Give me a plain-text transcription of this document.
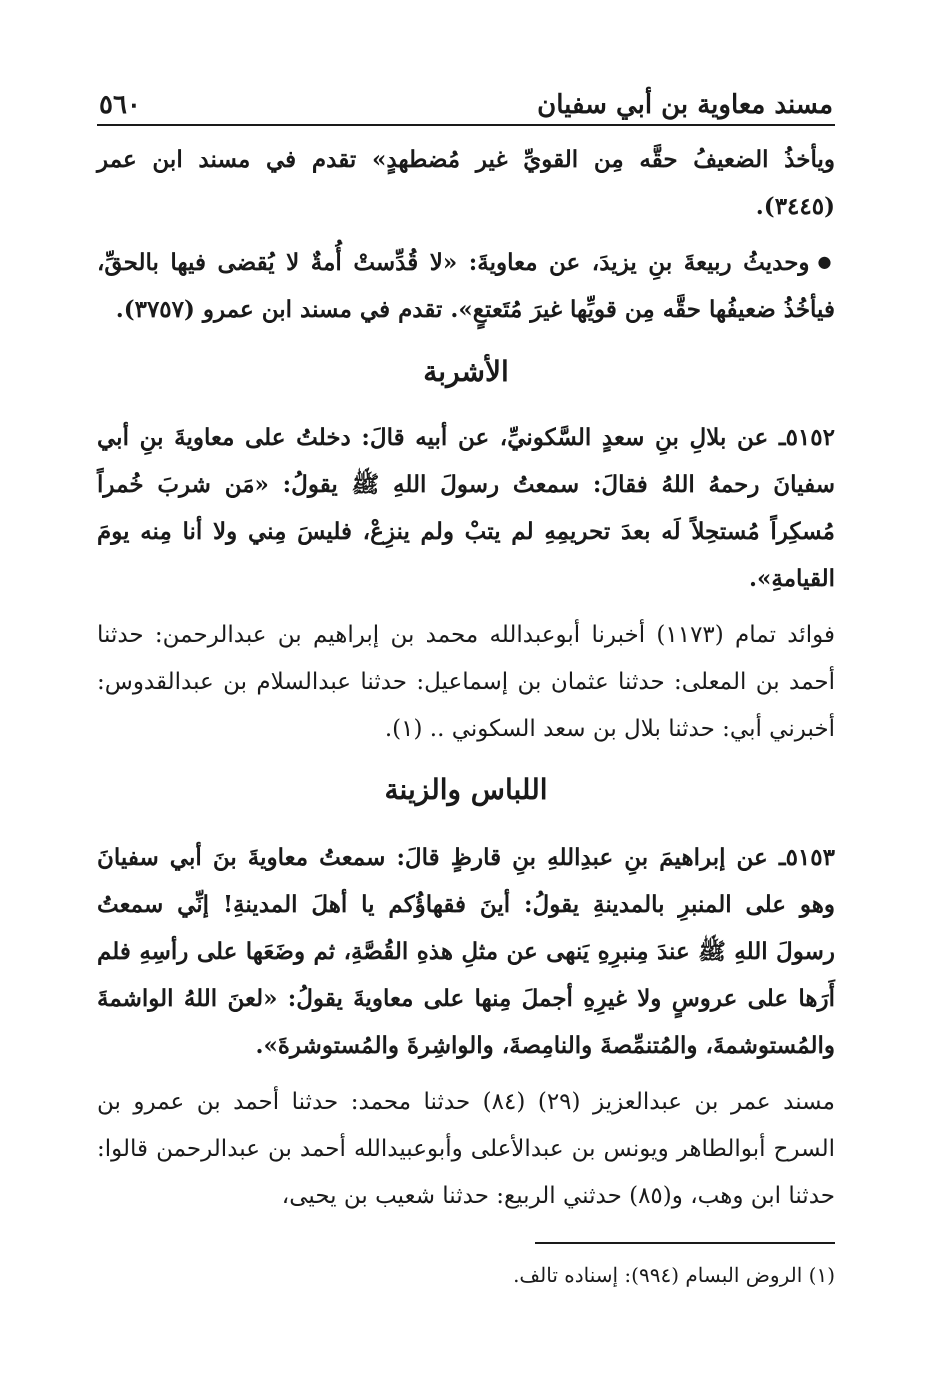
مسند معاوية بن أبي سفيان
٥٦٠

ويأخذُ الضعيفُ حقَّه مِن القويِّ غير مُضطهدٍ» تقدم في مسند ابن عمر (٣٤٤٥).

● وحديثُ ربيعةَ بنِ يزيدَ، عن معاويةَ: «لا قُدِّستْ أُمةٌ لا يُقضى فيها بالحقِّ، فيأخُذُ ضعيفُها حقَّه مِن قويِّها غيرَ مُتَعتعٍ». تقدم في مسند ابن عمرو (٣٧٥٧).

الأشربة

٥١٥٢ـ عن بلالِ بنِ سعدٍ السَّكونيِّ، عن أبيه قالَ: دخلتُ على معاويةَ بنِ أبي سفيانَ رحمهُ اللهُ فقالَ: سمعتُ رسولَ اللهِ ﷺ يقولُ: «مَن شربَ خُمراً مُسكِراً مُستحِلاً لَه بعدَ تحريمِهِ لم يتبْ ولم ينزِعْ، فليسَ مِني ولا أنا مِنه يومَ القيامةِ».

فوائد تمام (١١٧٣) أخبرنا أبوعبدالله محمد بن إبراهيم بن عبدالرحمن: حدثنا أحمد بن المعلى: حدثنا عثمان بن إسماعيل: حدثنا عبدالسلام بن عبدالقدوس: أخبرني أبي: حدثنا بلال بن سعد السكوني .. (١).

اللباس والزينة

٥١٥٣ـ عن إبراهيمَ بنِ عبدِاللهِ بنِ قارظٍ قالَ: سمعتُ معاويةَ بنَ أبي سفيانَ وهو على المنبرِ بالمدينةِ يقولُ: أينَ فقهاؤُكم يا أهلَ المدينةِ! إنِّي سمعتُ رسولَ اللهِ ﷺ عندَ مِنبرِهِ يَنهى عن مثلِ هذهِ القُصَّةِ، ثم وضَعَها على رأسِهِ فلم أَرَها على عروسٍ ولا غيرِهِ أجملَ مِنها على معاويةَ يقولُ: «لعنَ اللهُ الواشمةَ والمُستوشمةَ، والمُتنمِّصةَ والنامِصةَ، والواشِرةَ والمُستوشرةَ».

مسند عمر بن عبدالعزيز (٢٩) (٨٤) حدثنا محمد: حدثنا أحمد بن عمرو بن السرح أبوالطاهر ويونس بن عبدالأعلى وأبوعبيدالله أحمد بن عبدالرحمن قالوا: حدثنا ابن وهب، و(٨٥) حدثني الربيع: حدثنا شعيب بن يحيى،

(١) الروض البسام (٩٩٤): إسناده تالف.
